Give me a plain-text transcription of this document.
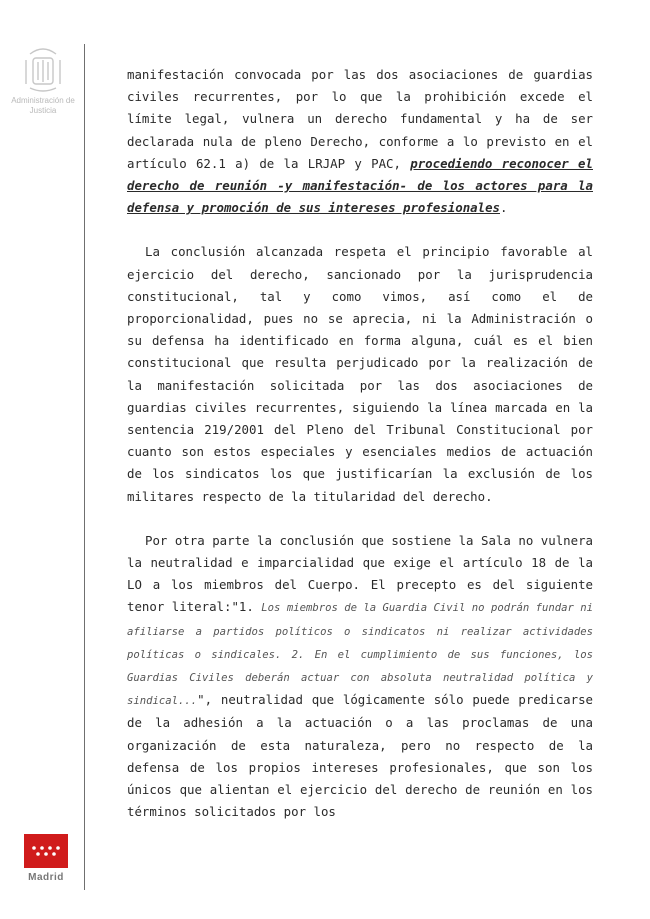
Administración de Justicia
Madrid

manifestación convocada por las dos asociaciones de guardias civiles recurrentes, por lo que la prohibición excede el límite legal, vulnera un derecho fundamental y ha de ser declarada nula de pleno Derecho, conforme a lo previsto en el artículo 62.1 a) de la LRJAP y PAC, procediendo reconocer el derecho de reunión -y manifestación- de los actores para la defensa y promoción de sus intereses profesionales.

La conclusión alcanzada respeta el principio favorable al ejercicio del derecho, sancionado por la jurisprudencia constitucional, tal y como vimos, así como el de proporcionalidad, pues no se aprecia, ni la Administración o su defensa ha identificado en forma alguna, cuál es el bien constitucional que resulta perjudicado por la realización de la manifestación solicitada por las dos asociaciones de guardias civiles recurrentes, siguiendo la línea marcada en la sentencia 219/2001 del Pleno del Tribunal Constitucional por cuanto son estos especiales y esenciales medios de actuación de los sindicatos los que justificarían la exclusión de los militares respecto de la titularidad del derecho.

Por otra parte la conclusión que sostiene la Sala no vulnera la neutralidad e imparcialidad que exige el artículo 18 de la LO a los miembros del Cuerpo. El precepto es del siguiente tenor literal:"1. Los miembros de la Guardia Civil no podrán fundar ni afiliarse a partidos políticos o sindicatos ni realizar actividades políticas o sindicales. 2. En el cumplimiento de sus funciones, los Guardias Civiles deberán actuar con absoluta neutralidad política y sindical...", neutralidad que lógicamente sólo puede predicarse de la adhesión a la actuación o a las proclamas de una organización de esta naturaleza, pero no respecto de la defensa de los propios intereses profesionales, que son los únicos que alientan el ejercicio del derecho de reunión en los términos solicitados por los
